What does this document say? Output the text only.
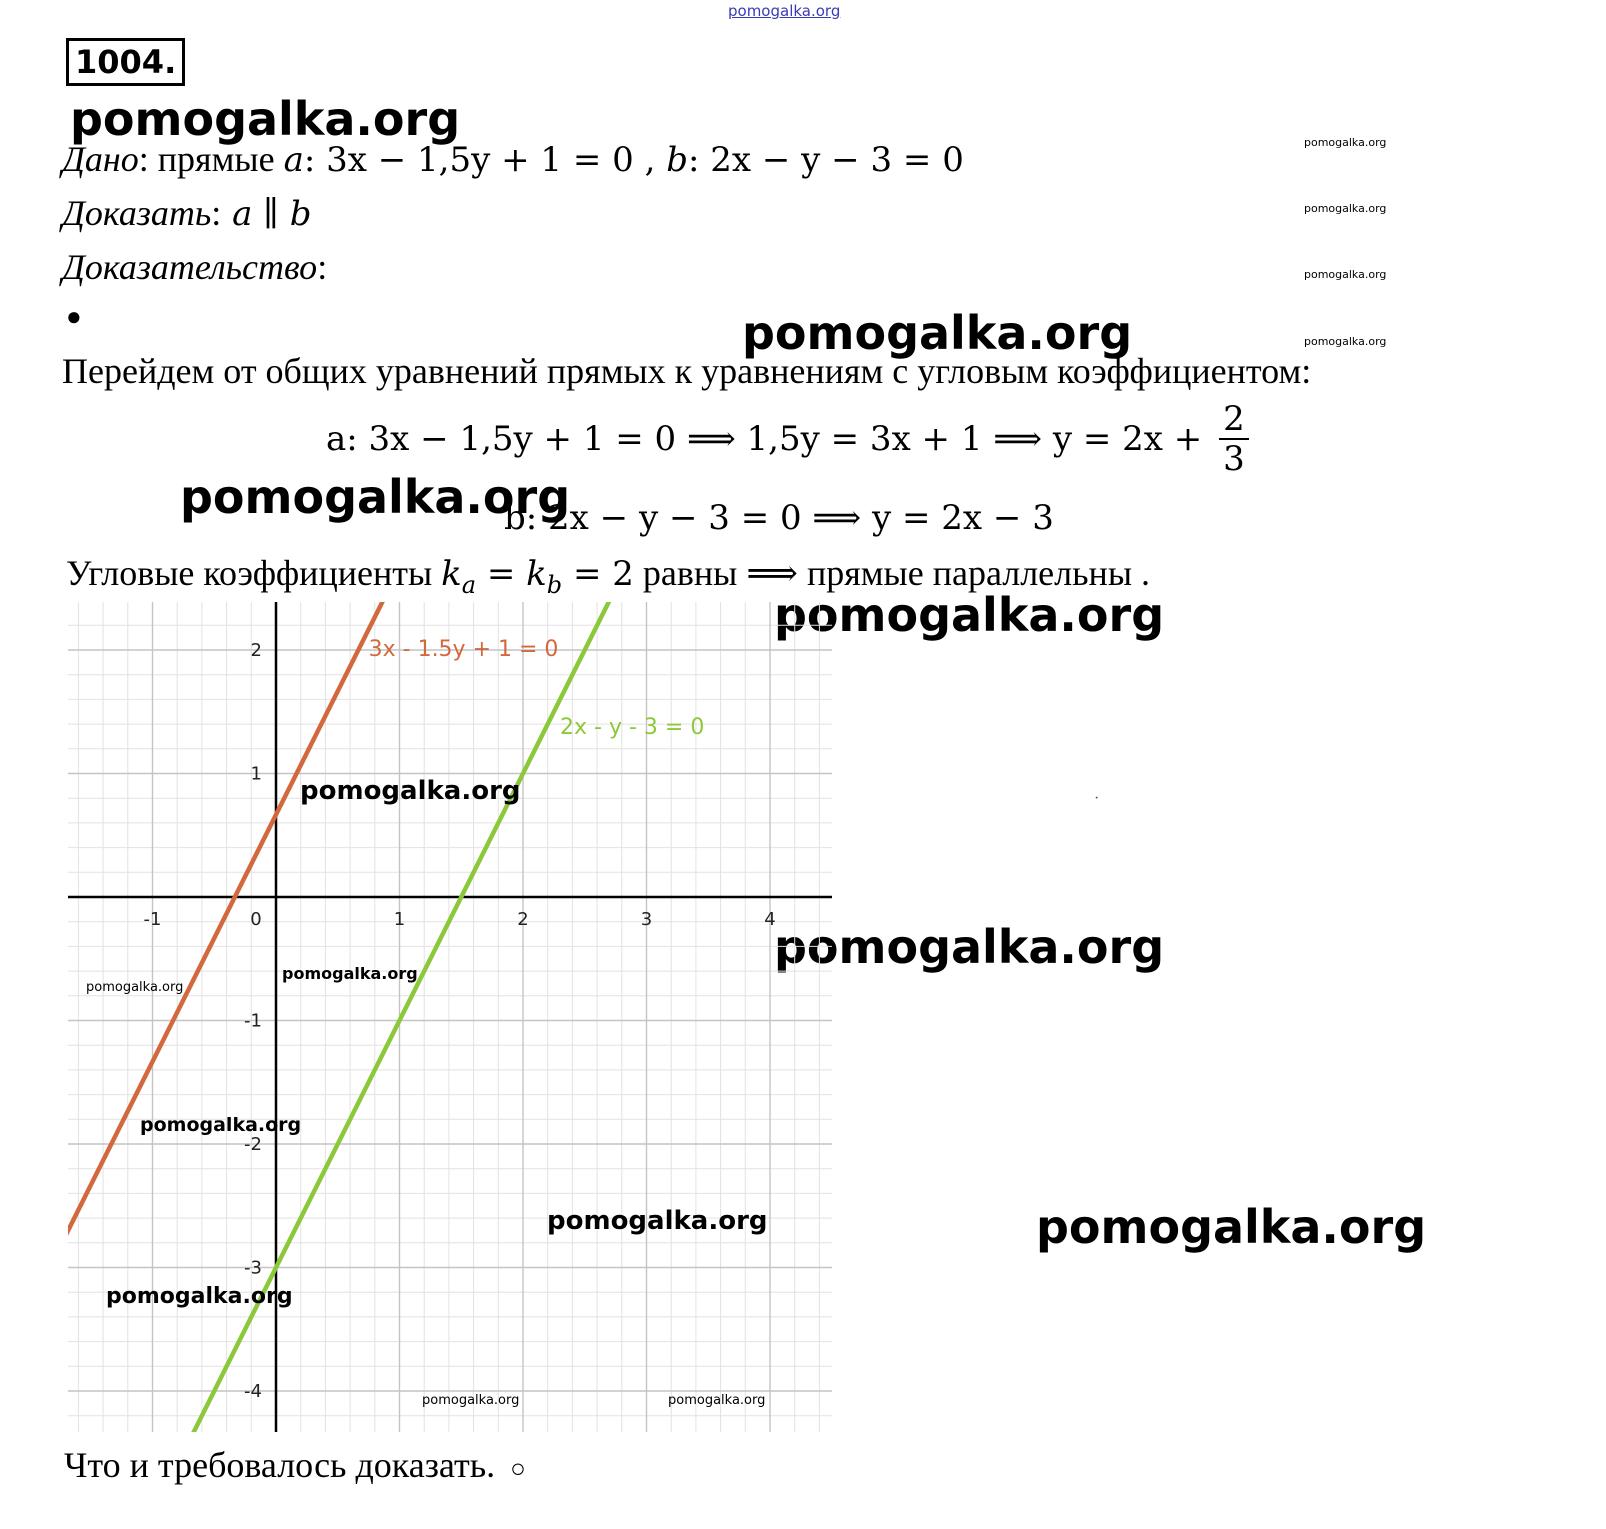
pomogalka.org
1004.
pomogalka.org
pomogalka.org
pomogalka.org
pomogalka.org
pomogalka.org
pomogalka.org
pomogalka.org
pomogalka.org
pomogalka.org
pomogalka.org
Дано: прямые a: 3x − 1,5y + 1 = 0 , b: 2x − y − 3 = 0
Доказать: a ∥ b
Доказательство:
●
Перейдем от общих уравнений прямых к уравнениям с угловым коэффициентом:
a: 3x − 1,5y + 1 = 0 ⟹ 1,5y = 3x + 1 ⟹ $y = 2x + \frac{2}{3}$
b: 2x − y − 3 = 0 ⟹ y = 2x − 3
Угловые коэффициенты $k_a = k_b = 2$ равны ⟹ прямые параллельны .
-1	0	1	2	3	4
2
1
-1
-2
-3
-4
3x - 1.5y + 1 = 0
2x - y - 3 = 0
pomogalka.org
pomogalka.org
pomogalka.org
pomogalka.org
pomogalka.org
pomogalka.org
pomogalka.org	pomogalka.org
·
Что и требовалось доказать. ○
